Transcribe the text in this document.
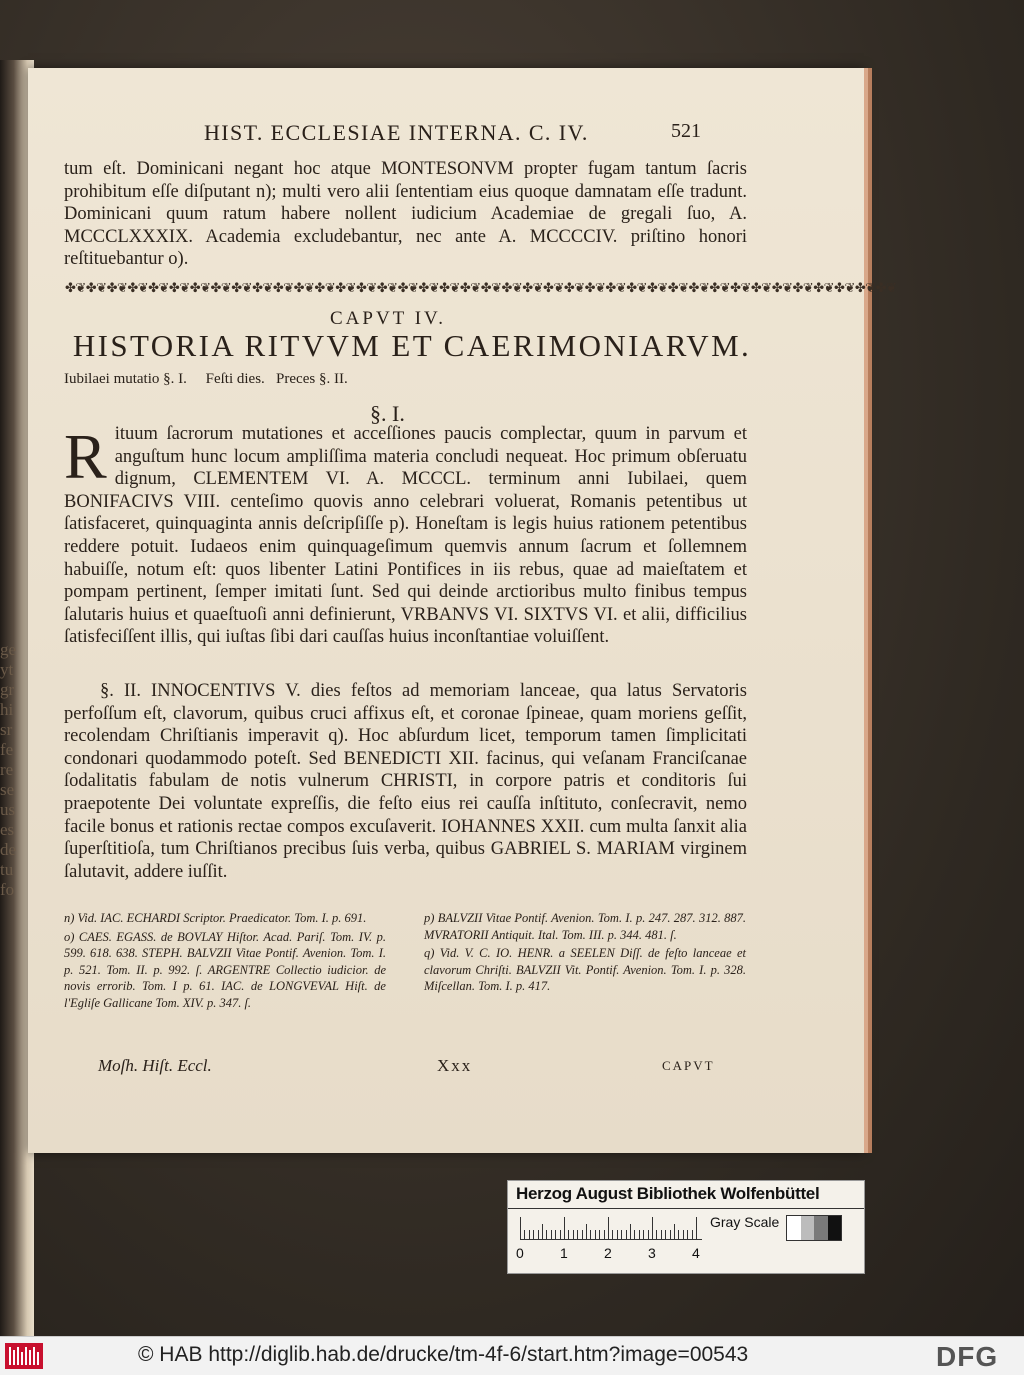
ge
yt
gr
hi
sr
fe
re
se
us
es
de
tu
fo
HIST. ECCLESIAE INTERNA. C. IV.	521

tum eſt. Dominicani negant hoc atque MONTESONVM propter fugam tantum ſacris prohibitum eſſe diſputant n); multi vero alii ſententiam eius quoque damnatam eſſe tradunt. Dominicani quum ratum habere nollent iudicium Academiae de gregali ſuo, A. MCCCLXXXIX. Academia excludebantur, nec ante A. MCCCCIV. priſtino honori reſtituebantur o).

✤❦✤❦✤❦✤❦✤❦✤❦✤❦✤❦✤❦✤❦✤❦✤❦✤❦✤❦✤❦✤❦✤❦✤❦✤❦✤❦✤❦✤❦✤❦✤❦✤❦✤❦✤❦✤❦✤❦✤❦✤❦✤❦✤❦✤❦✤❦✤❦✤❦✤❦✤❦✤❦
CAPVT IV.
HISTORIA RITVVM ET CAERIMONIARVM.
Iubilaei mutatio §. I.     Feſti dies.   Preces §. II.
§. I.
R ituum ſacrorum mutationes et acceſſiones paucis complectar, quum in parvum et anguſtum hunc locum ampliſſima materia concludi nequeat. Hoc primum obſeruatu dignum, CLEMENTEM VI. A. MCCCL. terminum anni Iubilaei, quem BONIFACIVS VIII. centeſimo quovis anno celebrari voluerat, Romanis petentibus ut ſatisfaceret, quinquaginta annis deſcripſiſſe p). Honeſtam is legis huius rationem petentibus reddere potuit. Iudaeos enim quinquageſimum quemvis annum ſacrum et ſollemnem habuiſſe, notum eſt: quos libenter Latini Pontifices in iis rebus, quae ad maieſtatem et pompam pertinent, ſemper imitati ſunt. Sed qui deinde arctioribus multo finibus tempus ſalutaris huius et quaeſtuoſi anni definierunt, VRBANVS VI. SIXTVS VI. et alii, difficilius ſatisfeciſſent illis, qui iuſtas ſibi dari cauſſas huius inconſtantiae voluiſſent.

§. II. INNOCENTIVS V. dies feſtos ad memoriam lanceae, qua latus Servatoris perfoſſum eſt, clavorum, quibus cruci affixus eſt, et coronae ſpineae, quam moriens geſſit, recolendam Chriſtianis imperavit q). Hoc abſurdum licet, temporum tamen ſimplicitati condonari quodammodo poteſt. Sed BENEDICTI XII. facinus, qui veſanam Franciſcanae ſodalitatis fabulam de notis vulnerum CHRISTI, in corpore patris et conditoris ſui praepotente Dei voluntate expreſſis, die feſto eius rei cauſſa inſtituto, conſecravit, nemo facile bonus et rationis rectae compos excuſaverit. IOHANNES XXII. cum multa ſanxit alia ſuperſtitioſa, tum Chriſtianos precibus ſuis verba, quibus GABRIEL S. MARIAM virginem ſalutavit, addere iuſſit.

n) Vid. IAC. ECHARDI Scriptor. Praedicator. Tom. I. p. 691.

o) CAES. EGASS. de BOVLAY Hiſtor. Acad. Pariſ. Tom. IV. p. 599. 618. 638. STEPH. BALVZII Vitae Pontif. Avenion. Tom. I. p. 521. Tom. II. p. 992. ſ. ARGENTRE Collectio iudicior. de novis errorib. Tom. I p. 61. IAC. de LONGVEVAL Hiſt. de l'Egliſe Gallicane Tom. XIV. p. 347. ſ.

p) BALVZII Vitae Pontif. Avenion. Tom. I. p. 247. 287. 312. 887. MVRATORII Antiquit. Ital. Tom. III. p. 344. 481. ſ.

q) Vid. V. C. IO. HENR. a SEELEN Diſſ. de feſto lanceae et clavorum Chriſti. BALVZII Vit. Pontif. Avenion. Tom. I. p. 328. Miſcellan. Tom. I. p. 417.

Moſh. Hiſt. Eccl.	Xxx	CAPVT
Herzog August Bibliothek Wolfenbüttel
0	1	2	3	4
Gray Scale
© HAB http://diglib.hab.de/drucke/tm-4f-6/start.htm?image=00543	DFG
